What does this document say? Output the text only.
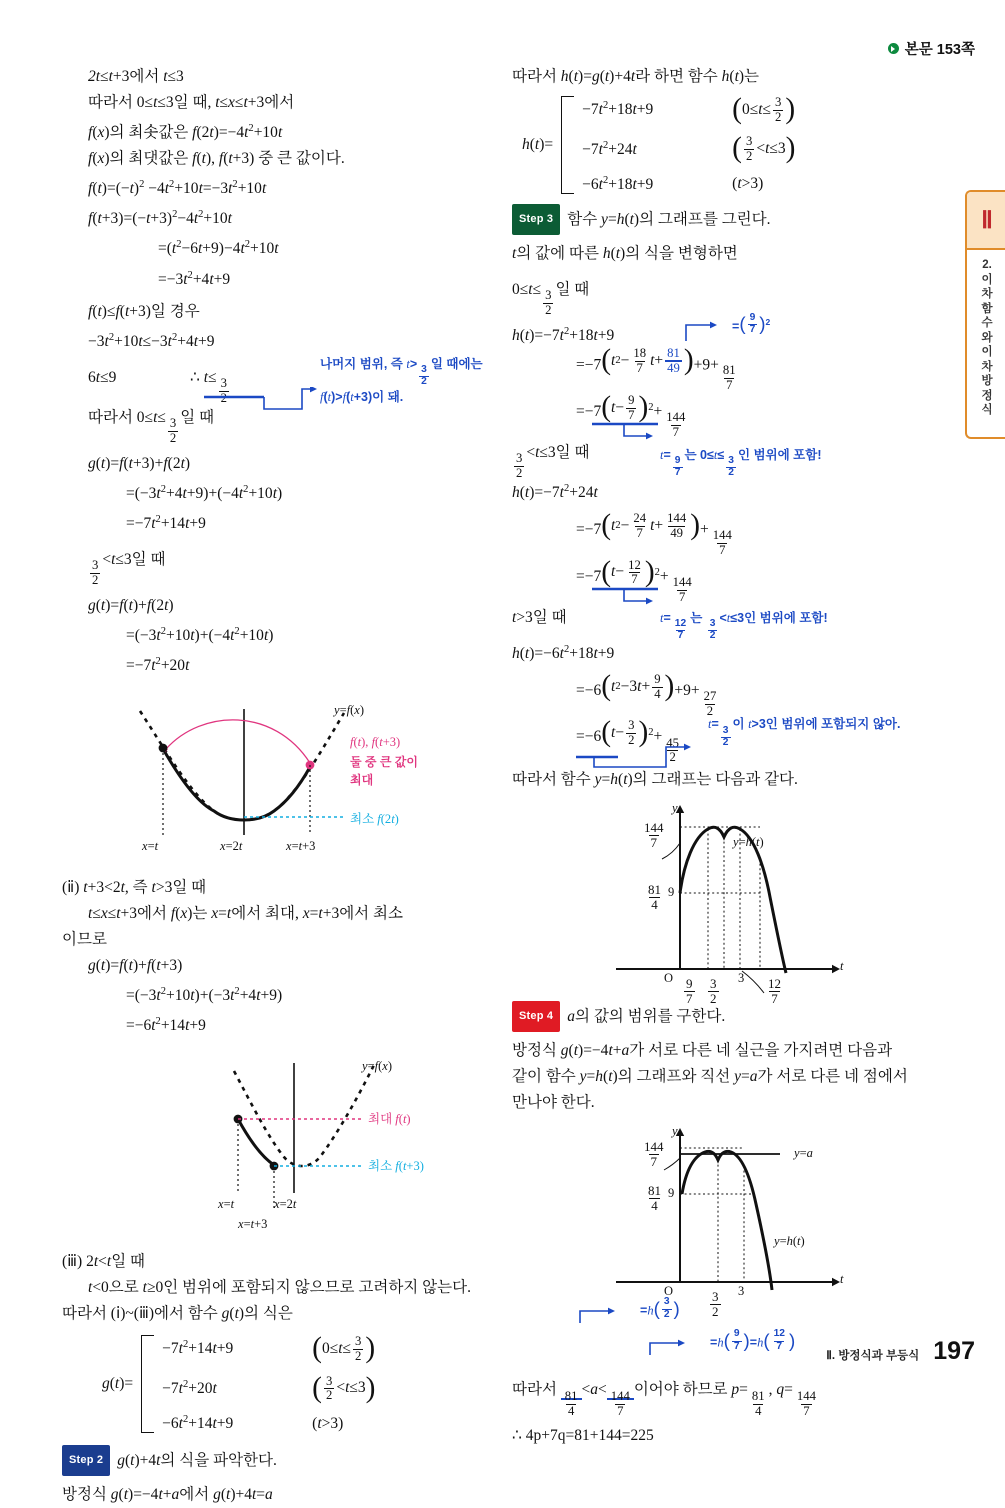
본문 153쪽
Ⅱ
2.
이
차
함
수
와
이
차
방
정
식
2t≤t+3에서 t≤3
따라서 0≤t≤3일 때, t≤x≤t+3에서
f(x)의 최솟값은 $f(2t)=-4t^2+10t$
f(x)의 최댓값은 f(t), f(t+3) 중 큰 값이다.
$f(t)=(-t)^2 -4t^2+10t=-3t^2+10t$
$f(t+3)=(-t+3)^2-4t^2+10t$
$=(t^2-6t+9)-4t^2+10t$
$=-3t^2+4t+9$
f(t)≤f(t+3)일 경우
$-3t^2+10t\le-3t^2+4t+9$
6t≤9	∴ $t\le \frac{3}{2}$
나머지 범위, 즉 t>
$\frac{3}{2}$
일 때에는
f(t)>f(t+3)이 돼.
따라서 $0\le t\le \frac{3}{2}$ 일 때
g(t)=f(t+3)+f(2t)
$=(-3t^2+4t+9)+(-4t^2+10t)$
$=-7t^2+14t+9$
$\frac{3}{2} <t\le 3$일 때
g(t)=f(t)+f(2t)
$=(-3t^2+10t)+(-4t^2+10t)$
$=-7t^2+20t$
y=f(x)
f(t), f(t+3)
둘 중 큰 값이
최대
최소 f(2t)
x=t	x=2t	x=t+3
(ⅱ) t+3<2t, 즉 t>3일 때
t≤x≤t+3에서 f(x)는 x=t에서 최대, x=t+3에서 최소
이므로
g(t)=f(t)+f(t+3)
$=(-3t^2+10t)+(-3t^2+4t+9)$
$=-6t^2+14t+9$
y=f(x)
최대 f(t)
최소 f(t+3)
x=t	x=2t
x=t+3
(ⅲ) 2t<t일 때
t<0으로 t≥0인 범위에 포함되지 않으므로 고려하지 않는다.
따라서 (ⅰ)~(ⅲ)에서 함수 g(t)의 식은
g(t)=
$-7t^2+14t+9$	( $0\le t \le \frac{3}{2}$ )
$-7t^2+20t$	( $\frac{3}{2} < t \le 3$ )
$-6t^2+14t+9$	(t>3)
Step 2 g(t)+4t의 식을 파악한다.
방정식 g(t)=−4t+a에서 g(t)+4t=a
따라서 h(t)=g(t)+4t라 하면 함수 h(t)는
h(t)=
$-7t^2+18t+9$	( $0\le t \le \frac{3}{2}$ )
$-7t^2+24t$	( $\frac{3}{2} < t \le 3$ )
$-6t^2+18t+9$	(t>3)
Step 3 함수 y=h(t)의 그래프를 그린다.
t의 값에 따른 h(t)의 식을 변형하면
$0\le t\le \frac{3}{2}$ 일 때
$h(t)=-7t^2+18t+9$
= ( $\frac{9}{7}$ ) $^2$
=−7 ( t $2 - \frac{18}{7}$ $t + \frac{81}{49}$ ) $+9+ \frac{81}{7}$
=−7 ( $t - \frac{9}{7}$ ) $^2+ \frac{144}{7}$
$\frac{3}{2} <t\le 3$일 때	t=
$\frac{9}{7}$
는 0≤t≤
$\frac{3}{2}$
인 범위에 포함!
$h(t)=-7t^2+24t$
=−7 ( t $2 - \frac{24}{7}$ $t + \frac{144}{49}$ ) + $\frac{144}{7}$
=−7 ( $t - \frac{12}{7}$ ) $^2+ \frac{144}{7}$
t>3일 때	t=
$\frac{12}{7}$
는
$\frac{3}{2}$
<t≤3인 범위에 포함!
$h(t)=-6t^2+18t+9$
=−6 ( t 2 −3 $t + \frac{9}{4}$ ) $+9+ \frac{27}{2}$
=−6 ( $t - \frac{3}{2}$ ) $^2+ \frac{45}{2}$
t=
$\frac{3}{2}$
이 t>3인 범위에 포함되지 않아.
따라서 함수 y=h(t)의 그래프는 다음과 같다.
y
t
$\frac{144}{7}$
$\frac{81}{4} 9$
y=h(t)
O $\frac{9}{7} \frac{3}{2} 3 \frac{12}{7}$
Step 4 a의 값의 범위를 구한다.
방정식 g(t)=−4t+a가 서로 다른 네 실근을 가지려면 다음과
같이 함수 y=h(t)의 그래프와 직선 y=a가 서로 다른 네 점에서
만나야 한다.
y
t
$\frac{144}{7}$
$\frac{81}{4} 9$
y=a
y=h(t)
O	$\frac{3}{2} 3$
=h ( $\frac{3}{2}$ )
=h ( $\frac{9}{7}$ ) =h ( $\frac{12}{7}$ )
따라서 $\frac{81}{4} <a< \frac{144}{7}$ 이어야 하므로 $p= \frac{81}{4}$ , $q= \frac{144}{7}$
∴ 4p+7q=81+144=225
Ⅱ. 방정식과 부등식 197
